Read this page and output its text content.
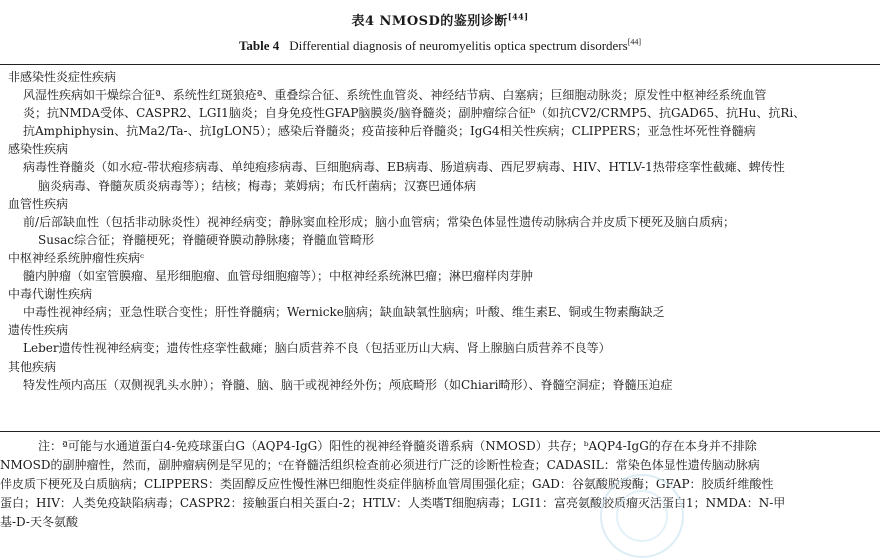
表4 NMOSD的鉴别诊断[44]
Table 4 Differential diagnosis of neuromyelitis optica spectrum disorders[44]
非感染性炎症性疾病
风湿性疾病如干燥综合征ª、系统性红斑狼疮ª、重叠综合征、系统性血管炎、神经结节病、白塞病；巨细胞动脉炎；原发性中枢神经系统血管
炎；抗NMDA受体、CASPR2、LGI1脑炎；自身免疫性GFAP脑膜炎/脑脊髓炎；副肿瘤综合征ᵇ（如抗CV2/CRMP5、抗GAD65、抗Hu、抗Ri、
抗Amphiphysin、抗Ma2/Ta-、抗IgLON5）；感染后脊髓炎；疫苗接种后脊髓炎；IgG4相关性疾病；CLIPPERS；亚急性坏死性脊髓病
感染性疾病
病毒性脊髓炎（如水痘-带状疱疹病毒、单纯疱疹病毒、巨细胞病毒、EB病毒、肠道病毒、西尼罗病毒、HIV、HTLV-1热带痉挛性截瘫、蜱传性
脑炎病毒、脊髓灰质炎病毒等）；结核；梅毒；莱姆病；布氏杆菌病；汉赛巴通体病
血管性疾病
前/后部缺血性（包括非动脉炎性）视神经病变；静脉窦血栓形成；脑小血管病；常染色体显性遗传动脉病合并皮质下梗死及脑白质病；
Susac综合征；脊髓梗死；脊髓硬脊膜动静脉瘘；脊髓血管畸形
中枢神经系统肿瘤性疾病ᶜ
髓内肿瘤（如室管膜瘤、星形细胞瘤、血管母细胞瘤等）；中枢神经系统淋巴瘤；淋巴瘤样肉芽肿
中毒代谢性疾病
中毒性视神经病；亚急性联合变性；肝性脊髓病；Wernicke脑病；缺血缺氧性脑病；叶酸、维生素E、铜或生物素酶缺乏
遗传性疾病
Leber遗传性视神经病变；遗传性痉挛性截瘫；脑白质营养不良（包括亚历山大病、肾上腺脑白质营养不良等）
其他疾病
特发性颅内高压（双侧视乳头水肿）；脊髓、脑、脑干或视神经外伤；颅底畸形（如Chiari畸形）、脊髓空洞症；脊髓压迫症
注：ª可能与水通道蛋白4-免疫球蛋白G（AQP4-IgG）阳性的视神经脊髓炎谱系病（NMOSD）共存；ᵇAQP4-IgG的存在本身并不排除
NMOSD的副肿瘤性，然而，副肿瘤病例是罕见的；ᶜ在脊髓活组织检查前必须进行广泛的诊断性检查；CADASIL：常染色体显性遗传脑动脉病
伴皮质下梗死及白质脑病；CLIPPERS：类固醇反应性慢性淋巴细胞性炎症伴脑桥血管周围强化症；GAD：谷氨酸脱羧酶；GFAP：胶质纤维酸性
蛋白；HIV：人类免疫缺陷病毒；CASPR2：接触蛋白相关蛋白-2；HTLV：人类嗜T细胞病毒；LGI1：富亮氨酸胶质瘤灭活蛋白1；NMDA：N-甲
基-D-天冬氨酸
